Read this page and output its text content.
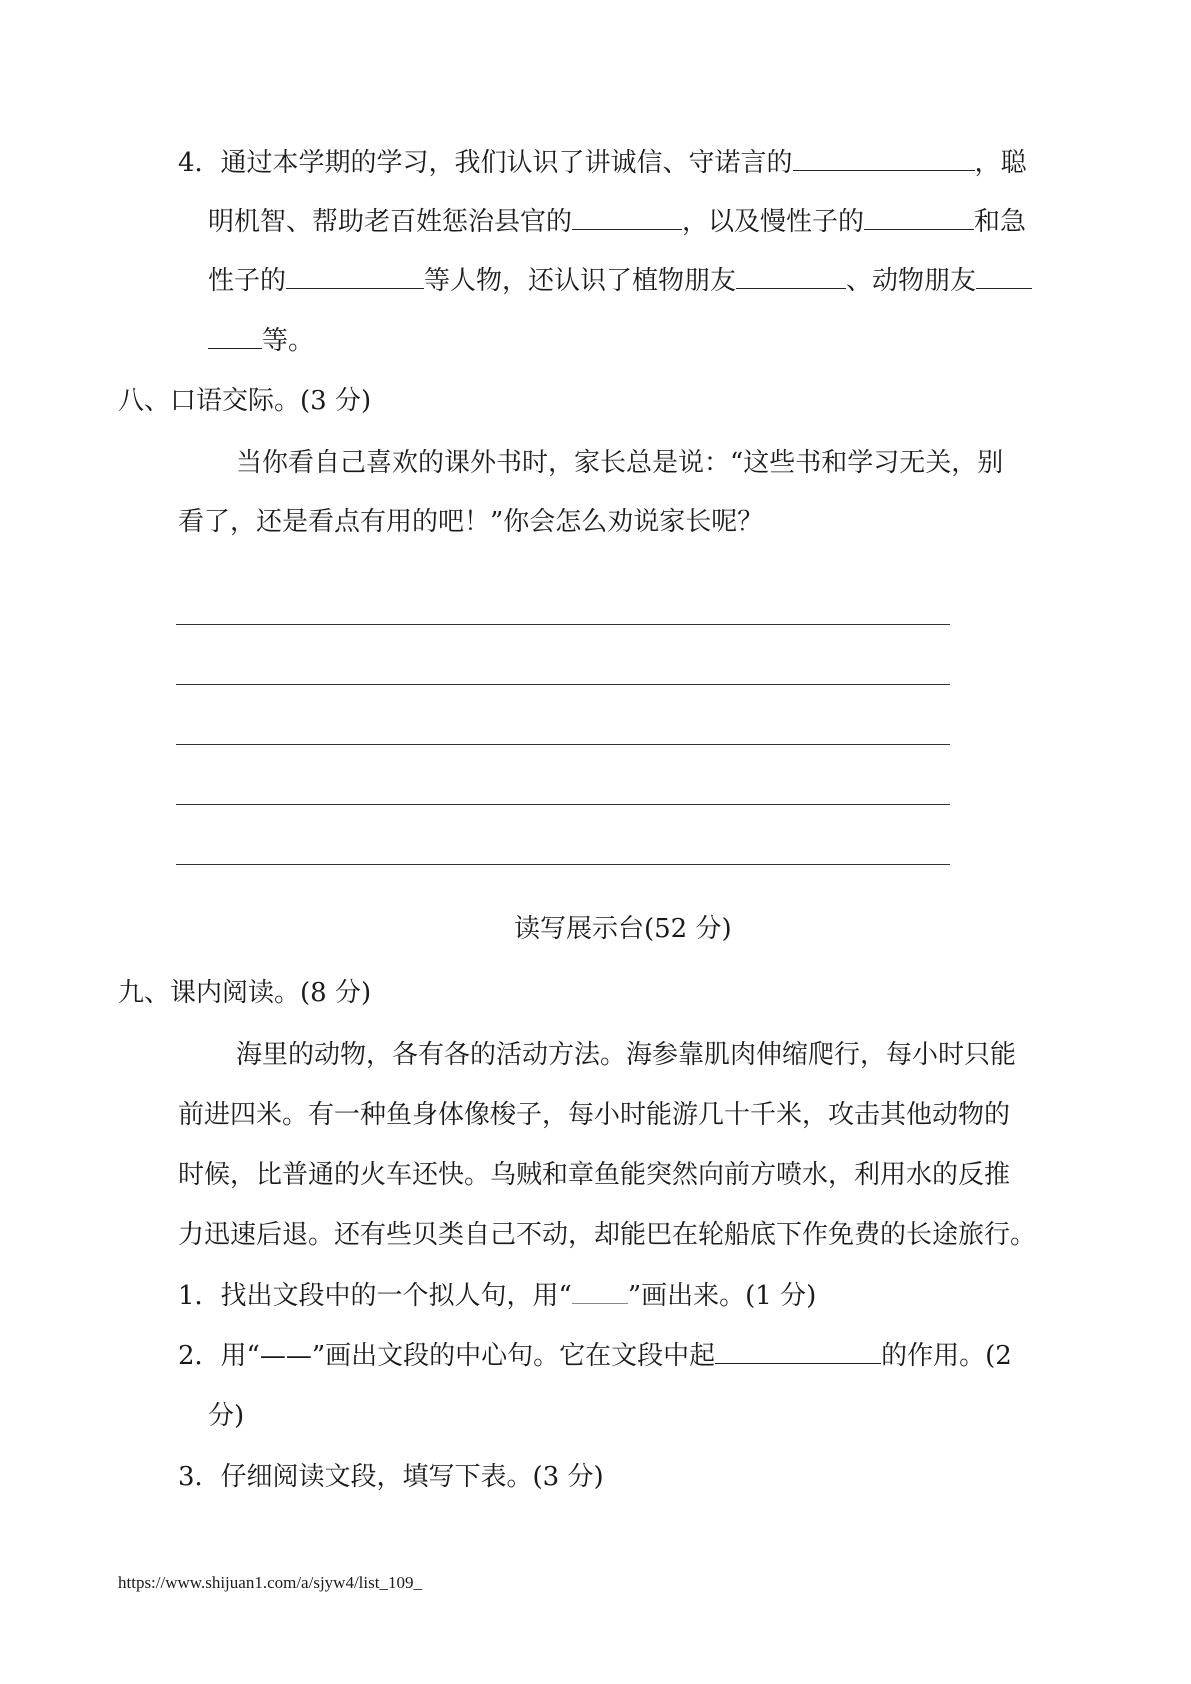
4．通过本学期的学习，我们认识了讲诚信、守诺言的	，聪
明机智、帮助老百姓惩治县官的	，以及慢性子的	和急
性子的	等人物，还认识了植物朋友	、动物朋友
等。
八、口语交际。(3 分)
当你看自己喜欢的课外书时，家长总是说：“这些书和学习无关，别
看了，还是看点有用的吧！”你会怎么劝说家长呢？
读写展示台(52 分)
九、课内阅读。(8 分)
海里的动物，各有各的活动方法。海参靠肌肉伸缩爬行，每小时只能
前进四米。有一种鱼身体像梭子，每小时能游几十千米，攻击其他动物的
时候，比普通的火车还快。乌贼和章鱼能突然向前方喷水，利用水的反推
力迅速后退。还有些贝类自己不动，却能巴在轮船底下作免费的长途旅行。
1．找出文段中的一个拟人句，用“ ”画出来。(1 分)
2．用“——”画出文段的中心句。它在文段中起	的作用。(2
分)
3．仔细阅读文段，填写下表。(3 分)
https://www.shijuan1.com/a/sjyw4/list_109_
